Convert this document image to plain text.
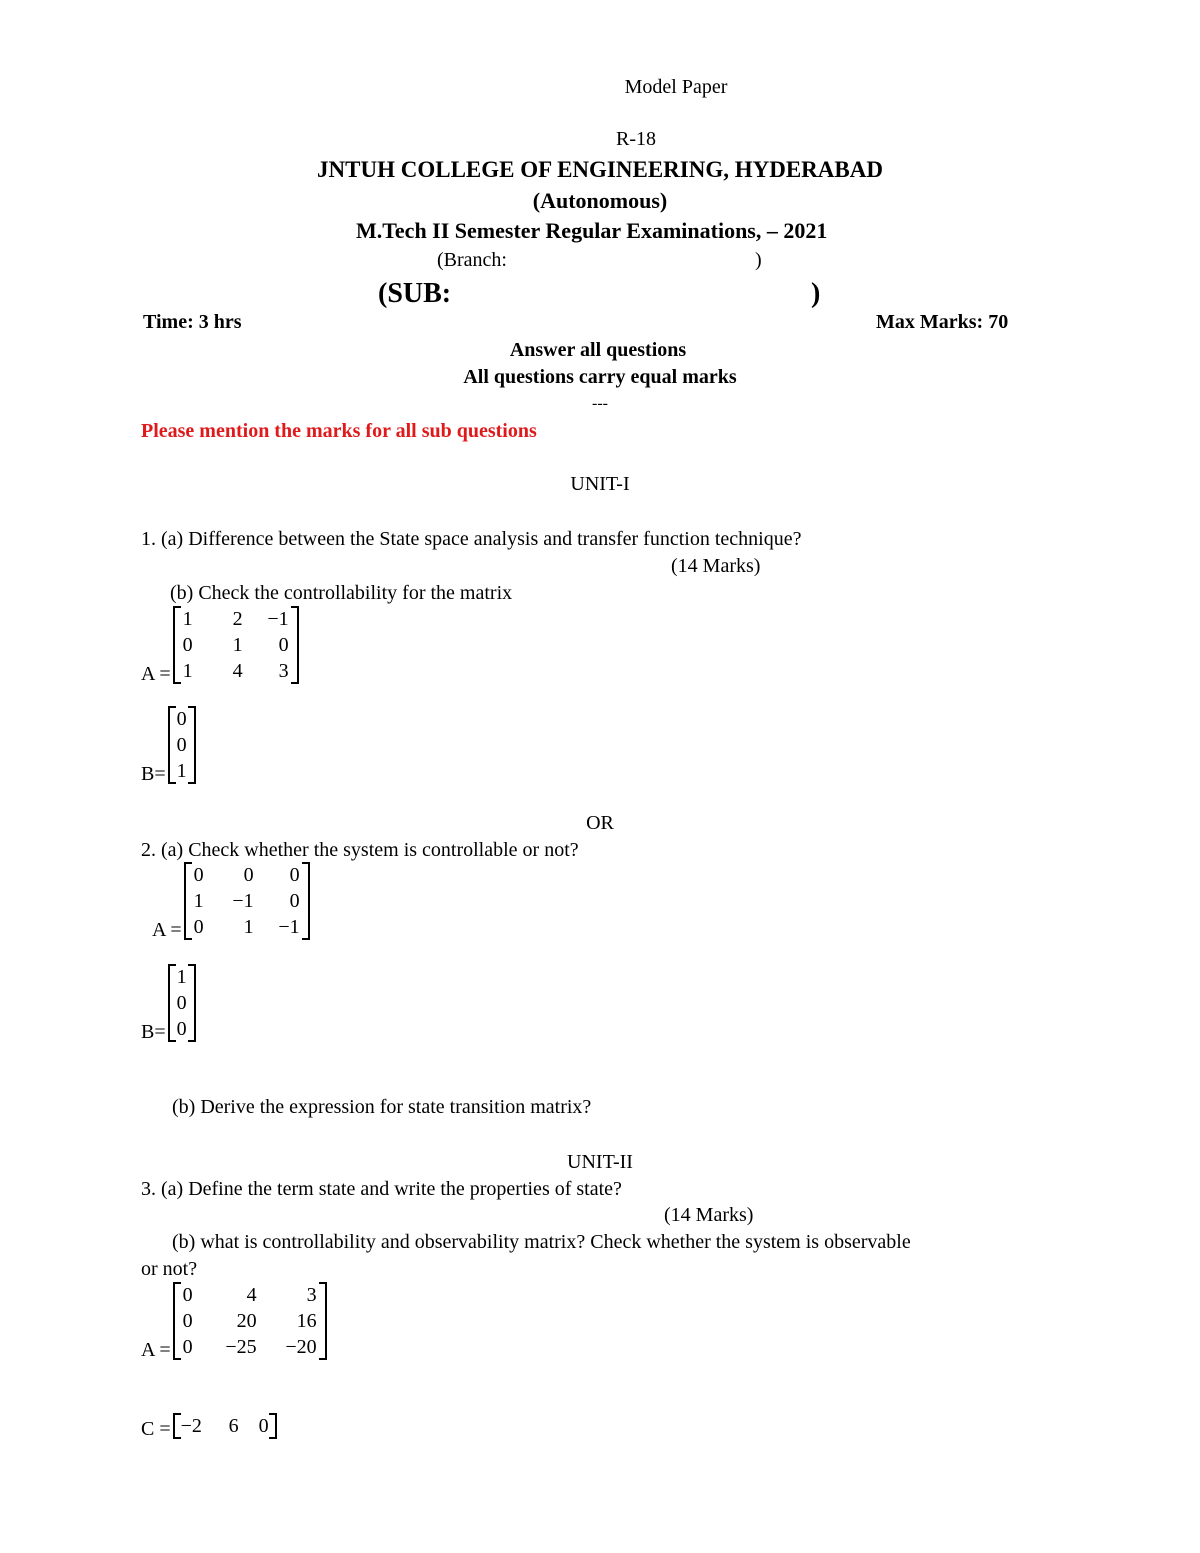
Model Paper
R-18
JNTUH COLLEGE OF ENGINEERING, HYDERABAD
(Autonomous)
M.Tech II Semester Regular Examinations, – 2021
(Branch:	)
(SUB:	)
Time: 3 hrs	Max Marks: 70
Answer all questions
All questions carry equal marks
---
Please mention the marks for all sub questions
UNIT-I
1. (a) Difference between the State space analysis and transfer function technique?
(14 Marks)
(b) Check the controllability for the matrix
A =
1	2	−1
0	1	0
1	4	3
B=
0
0
1
OR
2. (a) Check whether the system is controllable or not?
A =
0	0	0
1	−1	0
0	1	−1
B=
1
0
0
(b) Derive the expression for state transition matrix?
UNIT-II
3. (a) Define the term state and write the properties of state?
(14 Marks)
(b) what is controllability and observability matrix? Check whether the system is observable
or not?
A =
0	4	3
0	20	16
0	−25	−20
C = −2	6	0
